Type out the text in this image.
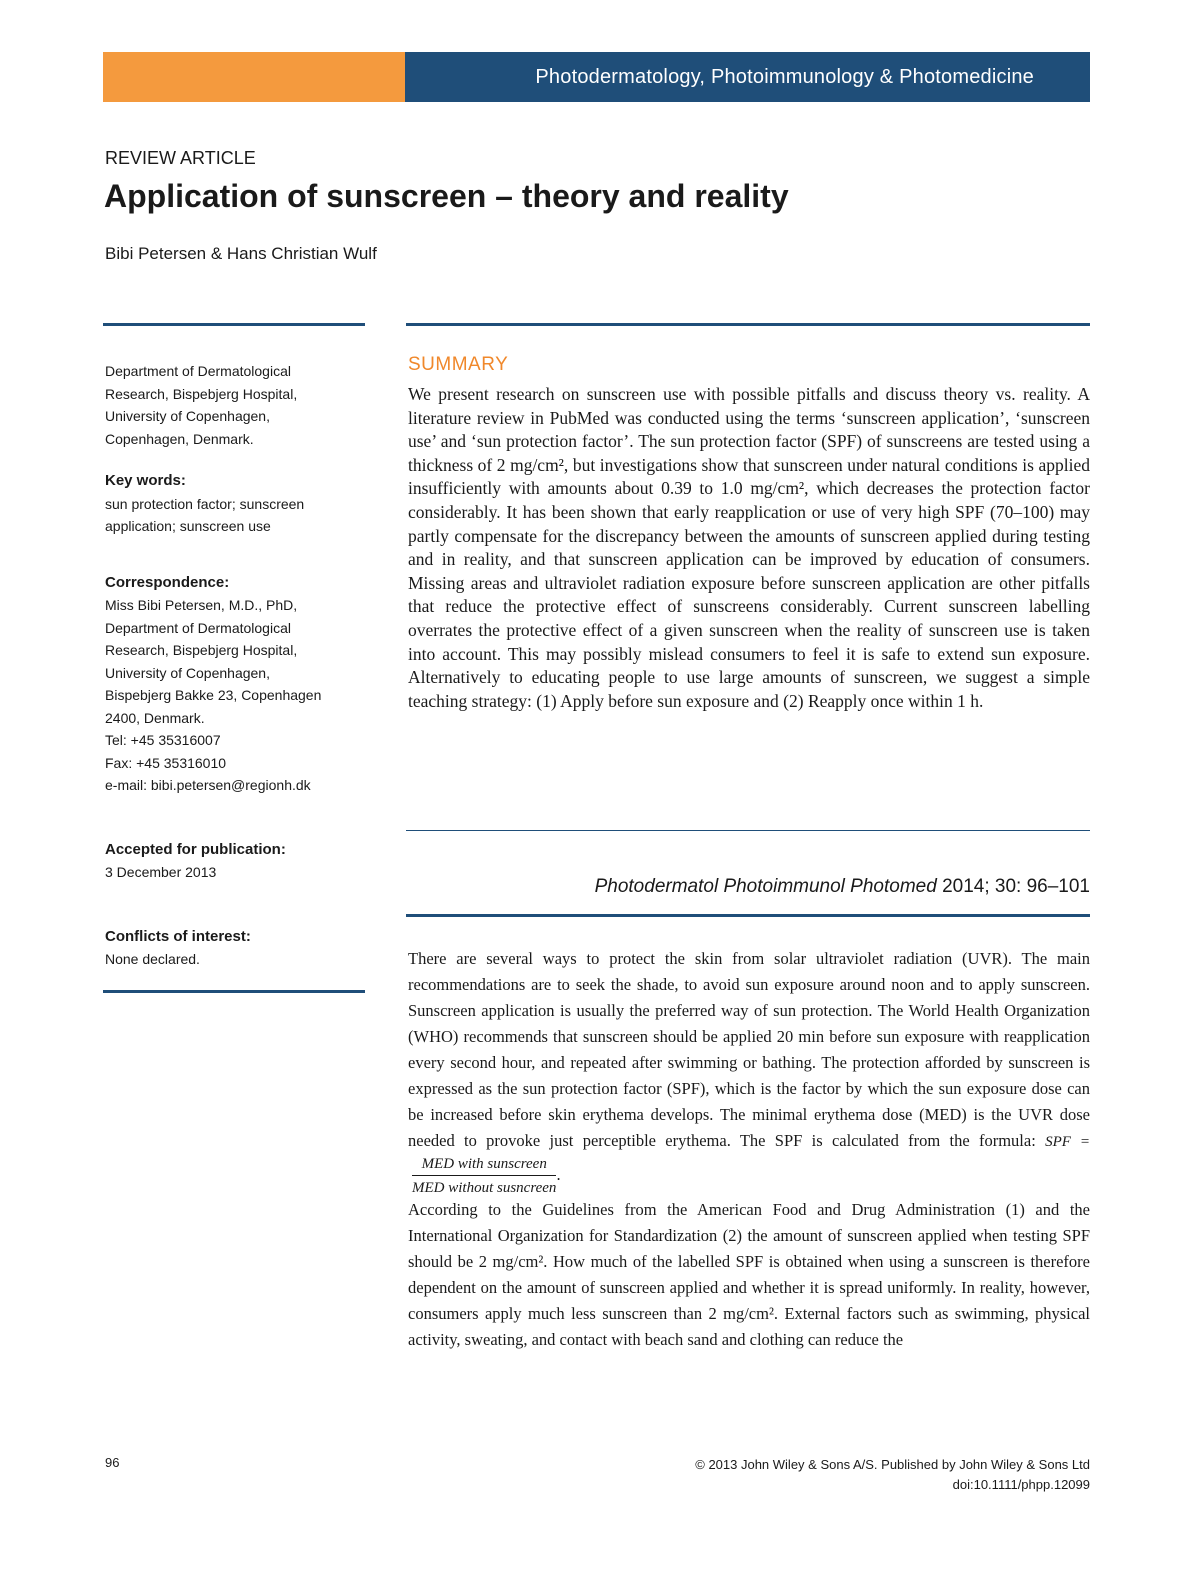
Photodermatology, Photoimmunology & Photomedicine
REVIEW ARTICLE
Application of sunscreen – theory and reality
Bibi Petersen & Hans Christian Wulf

Department of Dermatological Research, Bispebjerg Hospital, University of Copenhagen, Copenhagen, Denmark.

Key words:

sun protection factor; sunscreen application; sunscreen use

Correspondence:

Miss Bibi Petersen, M.D., PhD,

Department of Dermatological

Research, Bispebjerg Hospital,

University of Copenhagen,

Bispebjerg Bakke 23, Copenhagen

2400, Denmark.

Tel: +45 35316007

Fax: +45 35316010

e-mail: bibi.petersen@regionh.dk

Accepted for publication:

3 December 2013

Conflicts of interest:

None declared.

SUMMARY

We present research on sunscreen use with possible pitfalls and discuss theory vs. reality. A literature review in PubMed was conducted using the terms ‘sunscreen application’, ‘sunscreen use’ and ‘sun protection factor’. The sun protection factor (SPF) of sunscreens are tested using a thickness of 2 mg/cm², but investigations show that sunscreen under natural conditions is applied insufficiently with amounts about 0.39 to 1.0 mg/cm², which decreases the protection factor considerably. It has been shown that early reapplication or use of very high SPF (70–100) may partly compensate for the discrepancy between the amounts of sunscreen applied during testing and in reality, and that sunscreen application can be improved by education of consumers. Missing areas and ultraviolet radiation exposure before sunscreen application are other pitfalls that reduce the protective effect of sunscreens considerably. Current sunscreen labelling overrates the protective effect of a given sunscreen when the reality of sunscreen use is taken into account. This may possibly mislead consumers to feel it is safe to extend sun exposure. Alternatively to educating people to use large amounts of sunscreen, we suggest a simple teaching strategy: (1) Apply before sun exposure and (2) Reapply once within 1 h.

Photodermatol Photoimmunol Photomed 2014; 30: 96–101

There are several ways to protect the skin from solar ultraviolet radiation (UVR). The main recommendations are to seek the shade, to avoid sun exposure around noon and to apply sunscreen. Sunscreen application is usually the preferred way of sun protection. The World Health Organization (WHO) recommends that sunscreen should be applied 20 min before sun exposure with reapplication every second hour, and repeated after swimming or bathing. The protection afforded by sunscreen is expressed as the sun protection factor (SPF), which is the factor by which the sun exposure dose can be increased before skin erythema develops. The minimal erythema dose (MED) is the UVR dose needed to provoke just perceptible erythema. The SPF is calculated from the formula: SPF =
$\frac{\text{MED with sunscreen}}{\text{MED without susncreen}}$ .
According to the Guidelines from the American Food and Drug Administration (1) and the International Organization for Standardization (2) the amount of sunscreen applied when testing SPF should be 2 mg/cm². How much of the labelled SPF is obtained when using a sunscreen is therefore dependent on the amount of sunscreen applied and whether it is spread uniformly. In reality, however, consumers apply much less sunscreen than 2 mg/cm². External factors such as swimming, physical activity, sweating, and contact with beach sand and clothing can reduce the

96	© 2013 John Wiley & Sons A/S. Published by John Wiley & Sons Ltd
doi:10.1111/phpp.12099
